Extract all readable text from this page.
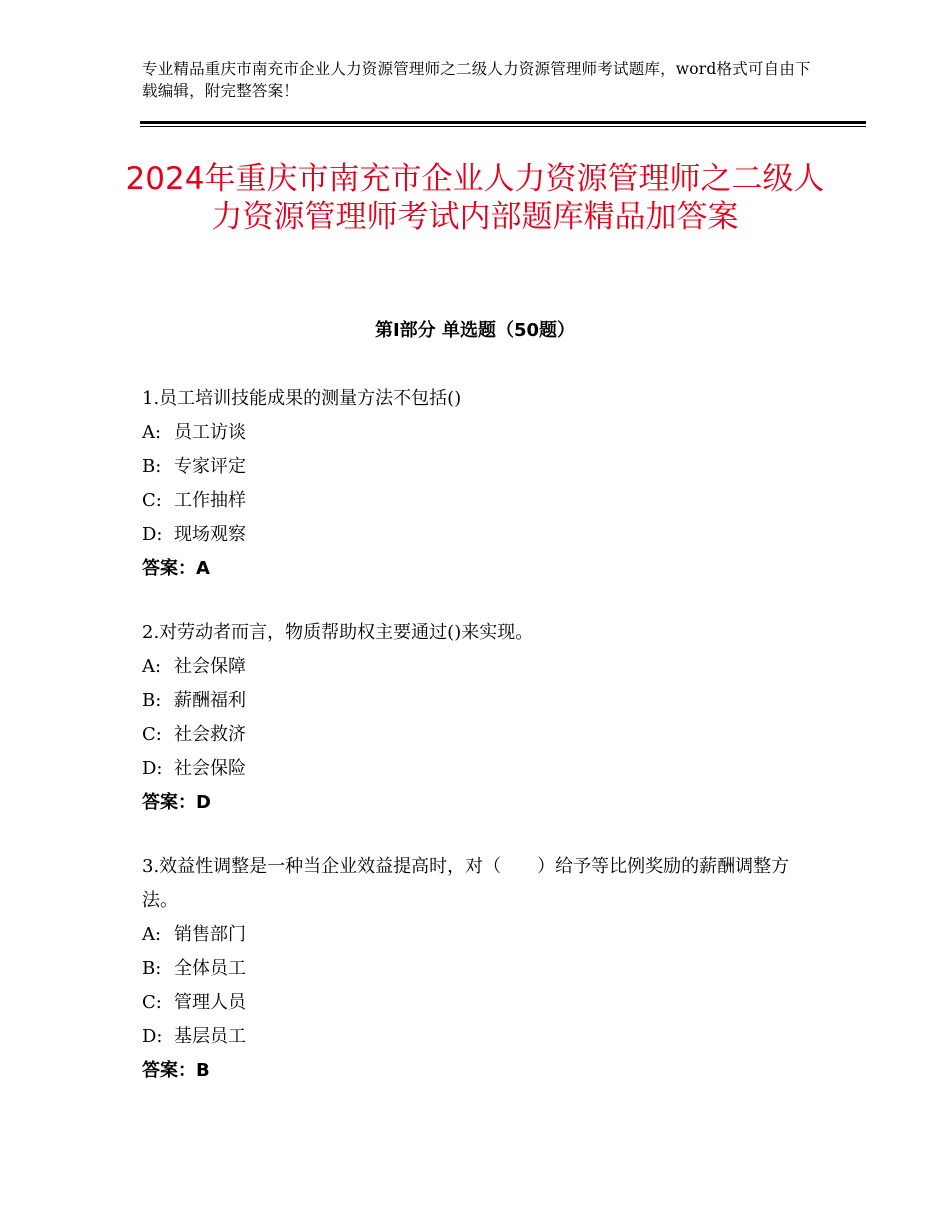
专业精品重庆市南充市企业人力资源管理师之二级人力资源管理师考试题库，word格式可自由下载编辑，附完整答案！
2024年重庆市南充市企业人力资源管理师之二级人力资源管理师考试内部题库精品加答案
第Ⅰ部分 单选题（50题）

1.员工培训技能成果的测量方法不包括()

A: 员工访谈

B: 专家评定

C: 工作抽样

D: 现场观察

答案：A

2.对劳动者而言，物质帮助权主要通过()来实现。

A: 社会保障

B: 薪酬福利

C: 社会救济

D: 社会保险

答案：D

3.效益性调整是一种当企业效益提高时，对（　　）给予等比例奖励的薪酬调整方法。

A: 销售部门

B: 全体员工

C: 管理人员

D: 基层员工

答案：B
